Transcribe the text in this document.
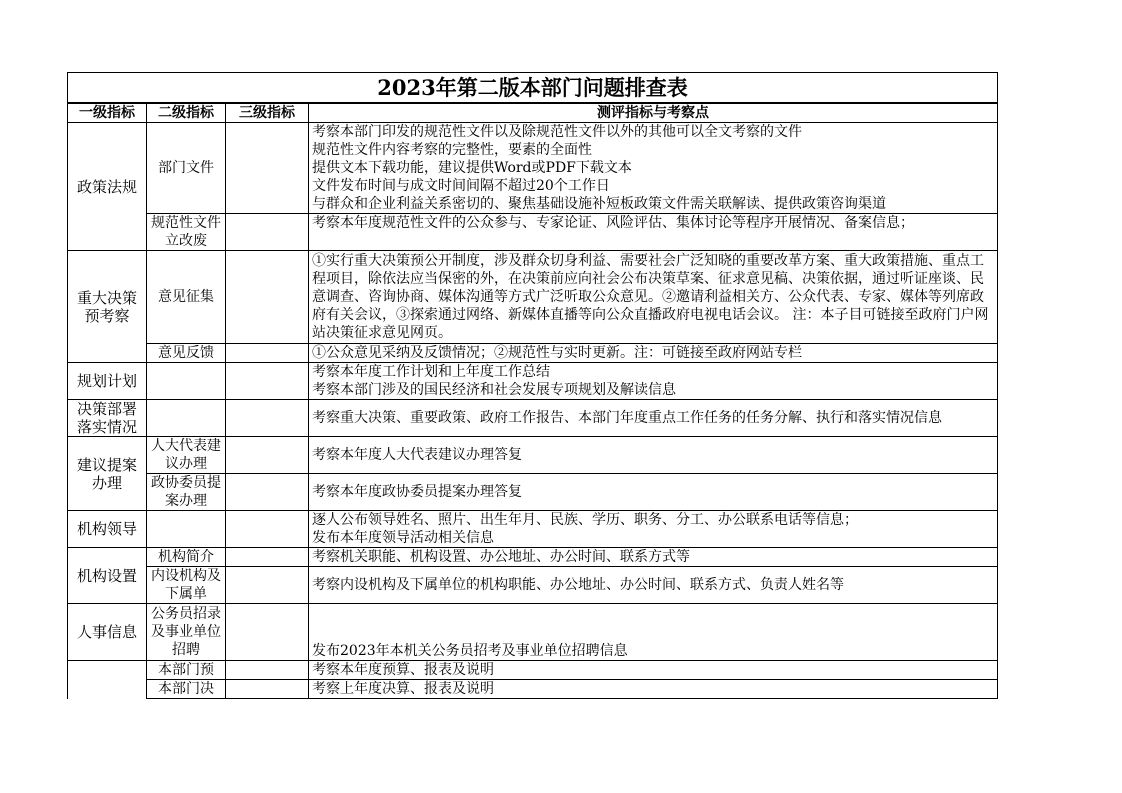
2023年第二版本部门问题排查表			
一级指标	二级指标	三级指标	测评指标与考察点
政策法规	部门文件		考察本部门印发的规范性文件以及除规范性文件以外的其他可以全文考察的文件
规范性文件内容考察的完整性，要素的全面性
提供文本下载功能，建议提供Word或PDF下载文本
文件发布时间与成文时间间隔不超过20个工作日
与群众和企业利益关系密切的、聚焦基础设施补短板政策文件需关联解读、提供政策咨询渠道

	规范性文件立改废		考察本年度规范性文件的公众参与、专家论证、风险评估、集体讨论等程序开展情况、备案信息；
重大决策预考察	意见征集		①实行重大决策预公开制度，涉及群众切身利益、需要社会广泛知晓的重要改革方案、重大政策措施、重点工程项目，除依法应当保密的外，在决策前应向社会公布决策草案、征求意见稿、决策依据，通过听证座谈、民意调查、咨询协商、媒体沟通等方式广泛听取公众意见。②邀请利益相关方、公众代表、专家、媒体等列席政府有关会议，③探索通过网络、新媒体直播等向公众直播政府电视电话会议。 注：本子目可链接至政府门户网站决策征求意见网页。
	意见反馈		①公众意见采纳及反馈情况；②规范性与实时更新。注：可链接至政府网站专栏
规划计划			考察本年度工作计划和上年度工作总结
考察本部门涉及的国民经济和社会发展专项规划及解读信息

决策部署落实情况			考察重大决策、重要政策、政府工作报告、本部门年度重点工作任务的任务分解、执行和落实情况信息
建议提案办理	人大代表建议办理		考察本年度人大代表建议办理答复
	政协委员提案办理		考察本年度政协委员提案办理答复
机构领导			逐人公布领导姓名、照片、出生年月、民族、学历、职务、分工、办公联系电话等信息；
发布本年度领导活动相关信息

机构设置	机构简介		考察机关职能、机构设置、办公地址、办公时间、联系方式等
	内设机构及下属单		考察内设机构及下属单位的机构职能、办公地址、办公时间、联系方式、负责人姓名等
人事信息	公务员招录及事业单位招聘		发布2023年本机关公务员招考及事业单位招聘信息
	本部门预		考察本年度预算、报表及说明
	本部门决		考察上年度决算、报表及说明
